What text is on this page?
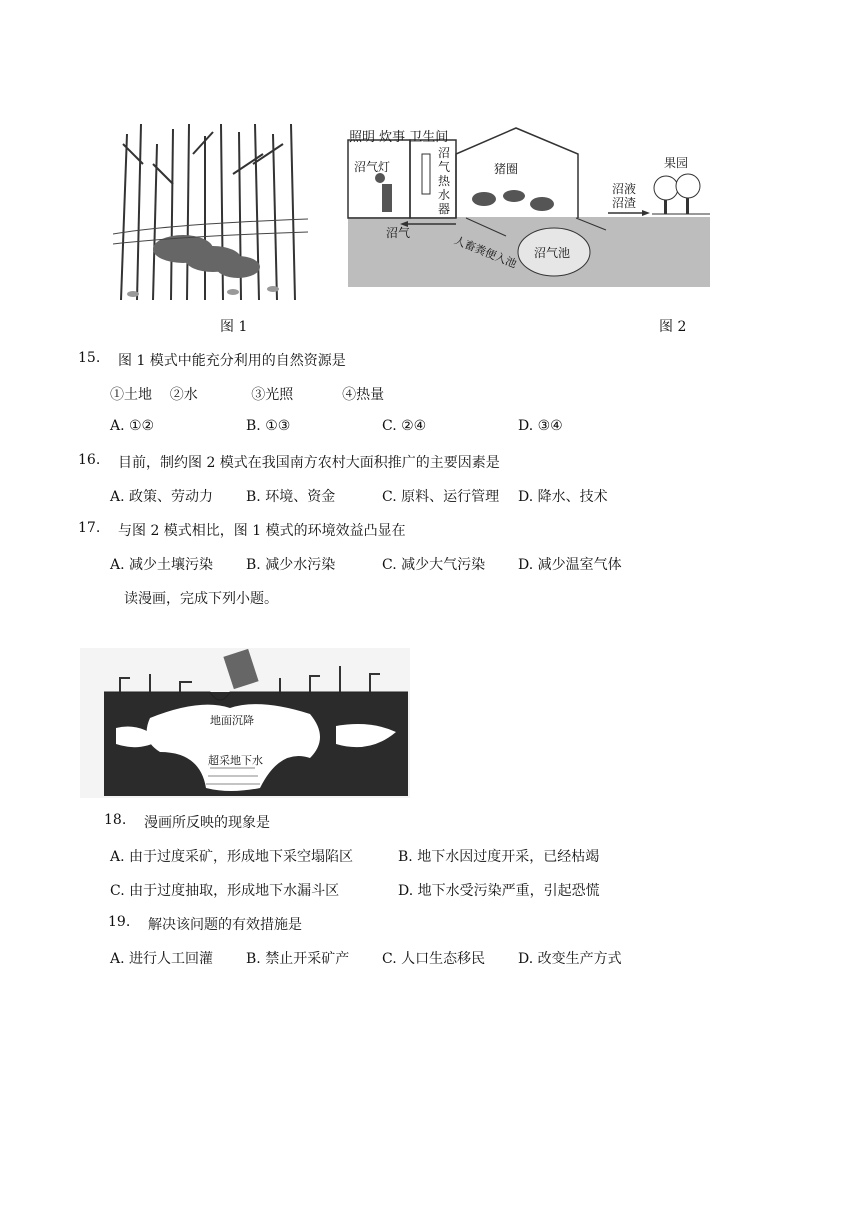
照明 炊事 卫生间
沼气灯
沼气热水器
猪圈	果园
沼液
沼渣
沼气
人畜粪便入池 沼气池
图 1	图 2
15. 图 1 模式中能充分利用的自然资源是
①土地    ②水            ③光照           ④热量
A. ①②	B. ①③	C. ②④	D. ③④
16. 目前，制约图 2 模式在我国南方农村大面积推广的主要因素是
A. 政策、劳动力 B. 环境、资金	C. 原料、运行管理 D. 降水、技术
17. 与图 2 模式相比，图 1 模式的环境效益凸显在
A. 减少土壤污染 B. 减少水污染	C. 减少大气污染 D. 减少温室气体
读漫画，完成下列小题。
地面沉降
超采地下水
18. 漫画所反映的现象是
A. 由于过度采矿，形成地下采空塌陷区	B. 地下水因过度开采，已经枯竭
C. 由于过度抽取，形成地下水漏斗区	D. 地下水受污染严重，引起恐慌
19. 解决该问题的有效措施是
A. 进行人工回灌 B. 禁止开采矿产 C. 人口生态移民 D. 改变生产方式
